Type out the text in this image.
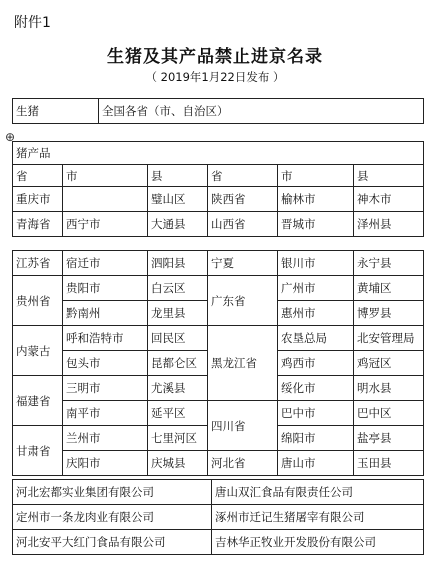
附件1
生猪及其产品禁止进京名录
（ 2019年1月22日发布 ）
生猪	全国各省（市、自治区）
⊕
猪产品					
省	市	县	省	市	县
重庆市		璧山区	陕西省	榆林市	神木市
青海省	西宁市	大通县	山西省	晋城市	泽州县
江苏省	宿迁市	泗阳县	宁夏	银川市	永宁县
贵州省	贵阳市	白云区	广东省	广州市	黄埔区
	黔南州	龙里县		惠州市	博罗县
内蒙古	呼和浩特市	回民区	黑龙江省	农垦总局	北安管理局
	包头市	昆都仑区		鸡西市	鸡冠区
福建省	三明市	尤溪县		绥化市	明水县
	南平市	延平区	四川省	巴中市	巴中区
甘肃省	兰州市	七里河区		绵阳市	盐亭县
	庆阳市	庆城县	河北省	唐山市	玉田县
河北宏都实业集团有限公司	唐山双汇食品有限责任公司
定州市一条龙肉业有限公司	涿州市迁记生猪屠宰有限公司
河北安平大红门食品有限公司	吉林华正牧业开发股份有限公司
